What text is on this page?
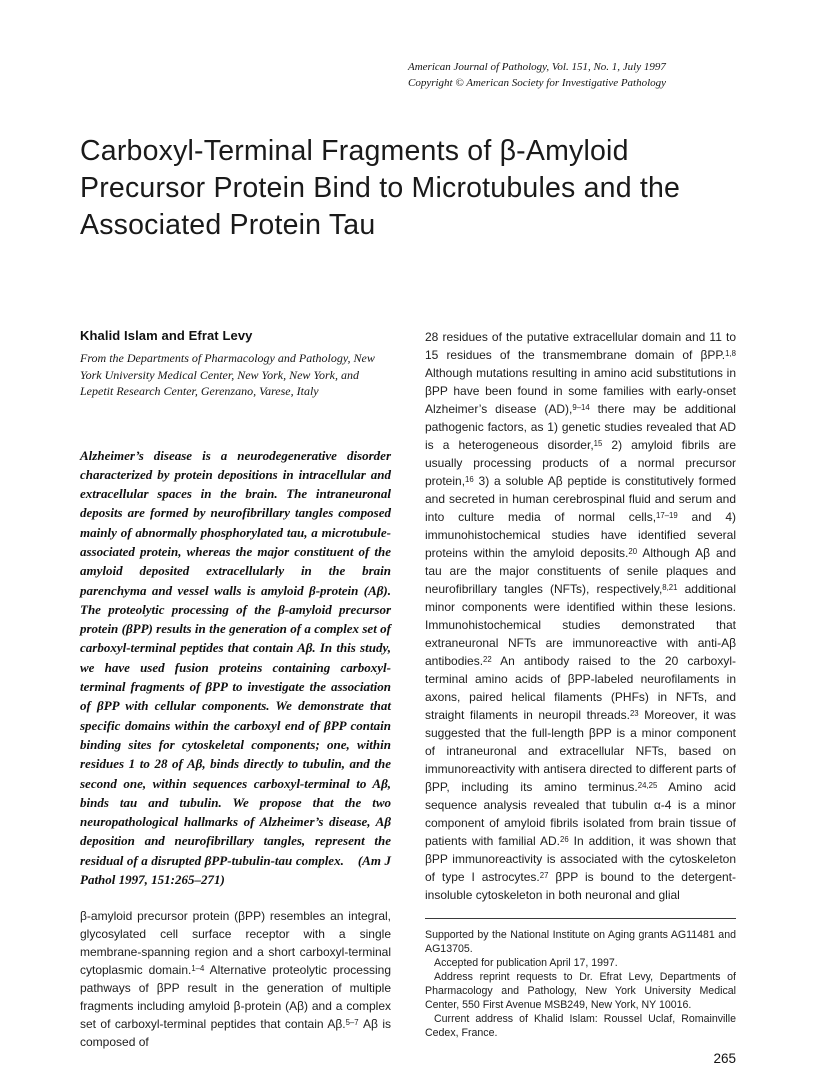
American Journal of Pathology, Vol. 151, No. 1, July 1997
Copyright © American Society for Investigative Pathology
Carboxyl-Terminal Fragments of β-Amyloid Precursor Protein Bind to Microtubules and the Associated Protein Tau
Khalid Islam and Efrat Levy
From the Departments of Pharmacology and Pathology, New York University Medical Center, New York, New York, and Lepetit Research Center, Gerenzano, Varese, Italy

Alzheimer’s disease is a neurodegenerative disorder characterized by protein depositions in intracellular and extracellular spaces in the brain. The intraneuronal deposits are formed by neurofibrillary tangles composed mainly of abnormally phosphorylated tau, a microtubule-associated protein, whereas the major constituent of the amyloid deposited extracellularly in the brain parenchyma and vessel walls is amyloid β-protein (Aβ). The proteolytic processing of the β-amyloid precursor protein (βPP) results in the generation of a complex set of carboxyl-terminal peptides that contain Aβ. In this study, we have used fusion proteins containing carboxyl-terminal fragments of βPP to investigate the association of βPP with cellular components. We demonstrate that specific domains within the carboxyl end of βPP contain binding sites for cytoskeletal components; one, within residues 1 to 28 of Aβ, binds directly to tubulin, and the second one, within sequences carboxyl-terminal to Aβ, binds tau and tubulin. We propose that the two neuropathological hallmarks of Alzheimer’s disease, Aβ deposition and neurofibrillary tangles, represent the residual of a disrupted βPP-tubulin-tau complex. (Am J Pathol 1997, 151:265–271)

β-amyloid precursor protein (βPP) resembles an integral, glycosylated cell surface receptor with a single membrane-spanning region and a short carboxyl-terminal cytoplasmic domain.$^{1-4}$ Alternative proteolytic processing pathways of βPP result in the generation of multiple fragments including amyloid β-protein (Aβ) and a complex set of carboxyl-terminal peptides that contain Aβ.$^{5-7}$ Aβ is composed of

28 residues of the putative extracellular domain and 11 to 15 residues of the transmembrane domain of βPP.$^{1,8}$ Although mutations resulting in amino acid substitutions in βPP have been found in some families with early-onset Alzheimer’s disease (AD),$^{9-14}$ there may be additional pathogenic factors, as 1) genetic studies revealed that AD is a heterogeneous disorder,$^{15}$ 2) amyloid fibrils are usually processing products of a normal precursor protein,$^{16}$ 3) a soluble Aβ peptide is constitutively formed and secreted in human cerebrospinal fluid and serum and into culture media of normal cells,$^{17-19}$ and 4) immunohistochemical studies have identified several proteins within the amyloid deposits.$^{20}$ Although Aβ and tau are the major constituents of senile plaques and neurofibrillary tangles (NFTs), respectively,$^{8,21}$ additional minor components were identified within these lesions. Immunohistochemical studies demonstrated that extraneuronal NFTs are immunoreactive with anti-Aβ antibodies.$^{22}$ An antibody raised to the 20 carboxyl-terminal amino acids of βPP-labeled neurofilaments in axons, paired helical filaments (PHFs) in NFTs, and straight filaments in neuropil threads.$^{23}$ Moreover, it was suggested that the full-length βPP is a minor component of intraneuronal and extracellular NFTs, based on immunoreactivity with antisera directed to different parts of βPP, including its amino terminus.$^{24,25}$ Amino acid sequence analysis revealed that tubulin α-4 is a minor component of amyloid fibrils isolated from brain tissue of patients with familial AD.$^{26}$ In addition, it was shown that βPP immunoreactivity is associated with the cytoskeleton of type I astrocytes.$^{27}$ βPP is bound to the detergent-insoluble cytoskeleton in both neuronal and glial

Supported by the National Institute on Aging grants AG11481 and AG13705.

Accepted for publication April 17, 1997.

Address reprint requests to Dr. Efrat Levy, Departments of Pharmacology and Pathology, New York University Medical Center, 550 First Avenue MSB249, New York, NY 10016.

Current address of Khalid Islam: Roussel Uclaf, Romainville Cedex, France.

265
